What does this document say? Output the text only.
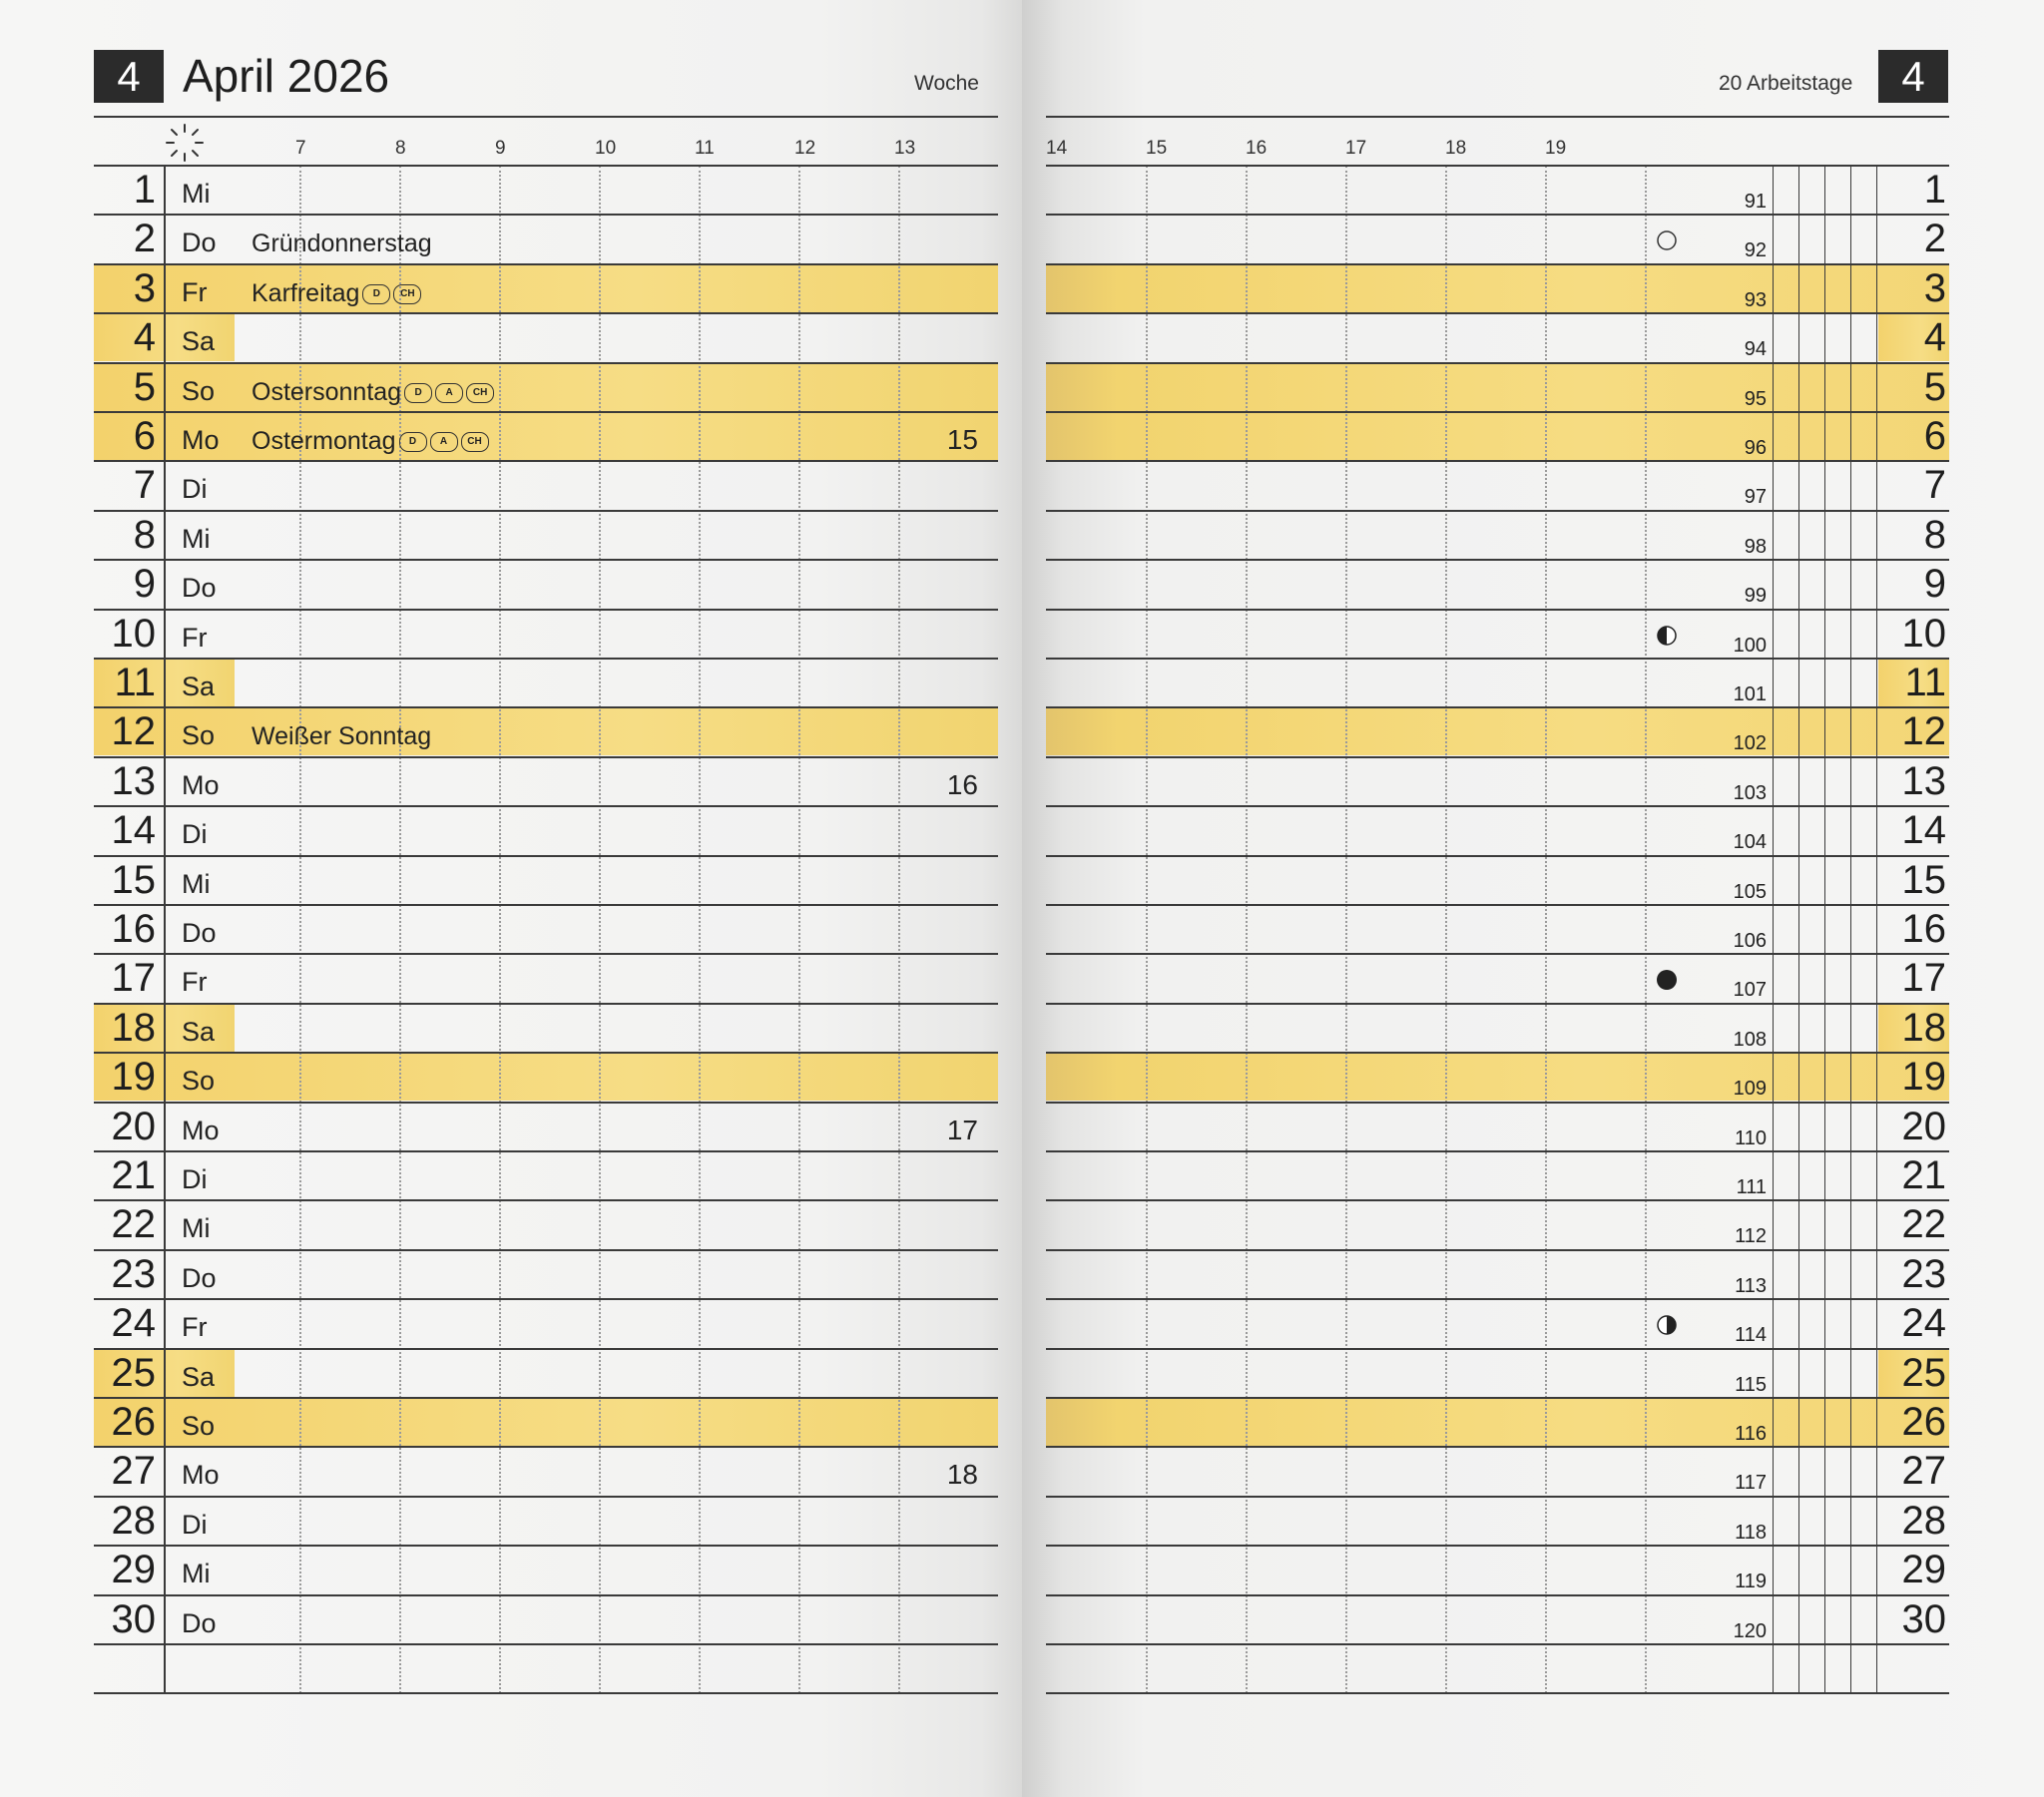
4 April 2026	Woche	20 Arbeitstage	4
7	8	9	10	11	12	13	14	15	16	17	18	19
1 Mi	91	1
2 Do Gründonnerstag	92	2
3 Fr Karfreitag D CH	93	3
4 Sa	94	4
5 So Ostersonntag D A CH	95	5
6 Mo Ostermontag D A CH	15	96	6
7 Di	97	7
8 Mi	98	8
9 Do	99	9
10 Fr	100	10
11 Sa	101	11
12 So Weißer Sonntag	102	12
13 Mo	16	103	13
14 Di	104	14
15 Mi	105	15
16 Do	106	16
17 Fr	107	17
18 Sa	108	18
19 So	109	19
20 Mo	17	110	20
21 Di	111	21
22 Mi	112	22
23 Do	113	23
24 Fr	114	24
25 Sa	115	25
26 So	116	26
27 Mo	18	117	27
28 Di	118	28
29 Mi	119	29
30 Do	120	30
